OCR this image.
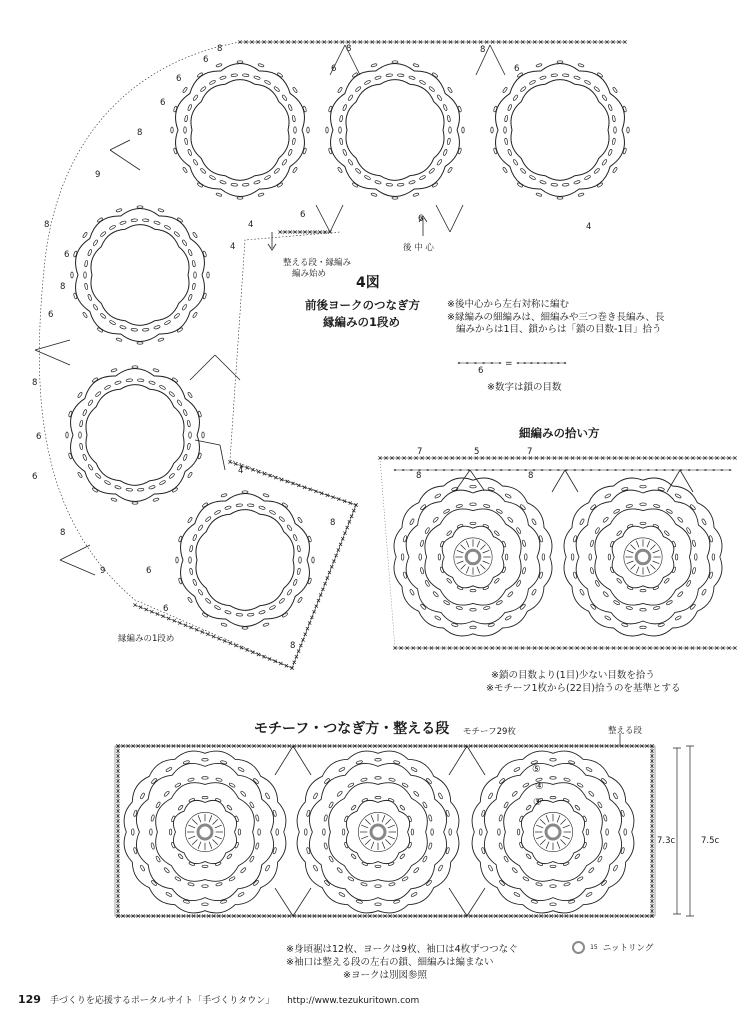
=
整える段・縁編み
編み始め
後 中 心
4図
前後ヨークのつなぎ方
縁編みの1段め
※後中心から左右対称に編む
※縁編みの細編みは、細編みや三つ巻き長編み、長
編みからは1目、鎖からは「鎖の目数-1目」拾う
6
※数字は鎖の目数
縁編みの1段め
6
6
6
8
8
9
6
6
8
8
8
6
6
8
9	6
6
8
8
4
4
4
6	6
8	8
6	6
4
細編みの拾い方
7	5	7
8	8
※鎖の目数より(1目)少ない目数を拾う
※モチーフ1枚から(22目)拾うのを基準とする
モチーフ・つなぎ方・整える段 モチーフ29枚	整える段
⑤
④
③
7.3c	7.5c
※身頃裾は12枚、ヨークは9枚、袖口は4枚ずつつなぐ
※袖口は整える段の左右の鎖、細編みは編まない
※ヨークは別図参照
15 ニットリング
129 手づくりを応援するポータルサイト「手づくりタウン」 http://www.tezukuritown.com
